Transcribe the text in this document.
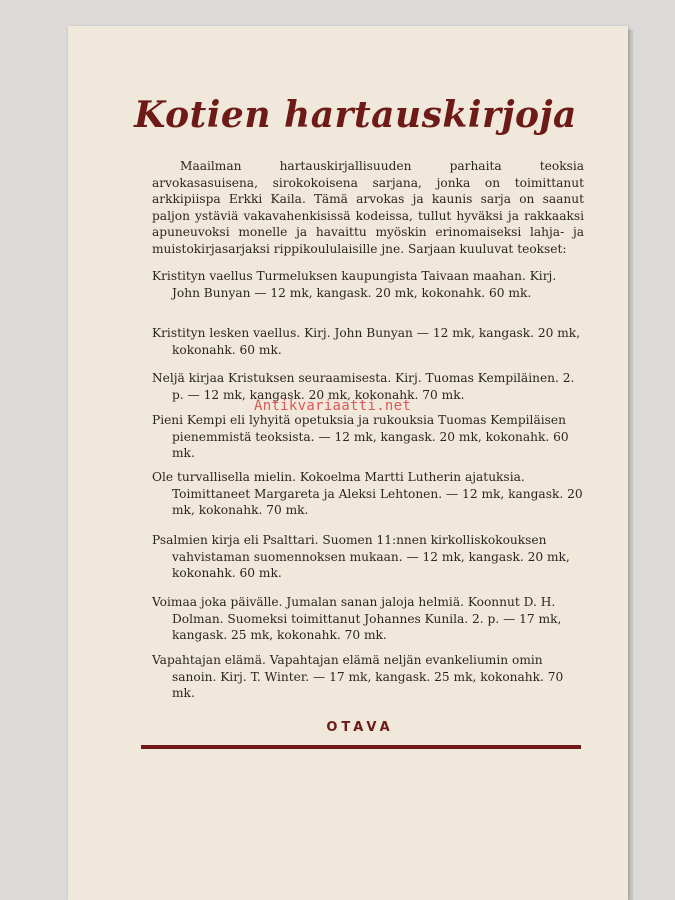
Kotien hartauskirjoja

Maailman hartauskirjallisuuden parhaita teoksia arvokasasuisena, sirokokoisena sarjana, jonka on toimittanut arkkipiispa Erkki Kaila. Tämä arvokas ja kaunis sarja on saanut paljon ystäviä vakavahenkisissä kodeissa, tullut hyväksi ja rakkaaksi apuneuvoksi monelle ja havaittu myöskin erinomaiseksi lahja- ja muistokirjasarjaksi rippikoululaisille jne. Sarjaan kuuluvat teokset:

Kristityn vaellus Turmeluksen kaupungista Taivaan maahan. Kirj. John Bunyan — 12 mk, kangask. 20 mk, kokonahk. 60 mk.
Kristityn lesken vaellus. Kirj. John Bunyan — 12 mk, kangask. 20 mk, kokonahk. 60 mk.
Neljä kirjaa Kristuksen seuraamisesta. Kirj. Tuomas Kempiläinen. 2. p. — 12 mk, kangask. 20 mk, kokonahk. 70 mk.
Pieni Kempi eli lyhyitä opetuksia ja rukouksia Tuomas Kempiläisen pienemmistä teoksista. — 12 mk, kangask. 20 mk, kokonahk. 60 mk.
Ole turvallisella mielin. Kokoelma Martti Lutherin ajatuksia. Toimittaneet Margareta ja Aleksi Lehtonen. — 12 mk, kangask. 20 mk, kokonahk. 70 mk.
Psalmien kirja eli Psalttari. Suomen 11:nnen kirkolliskokouksen vahvistaman suomennoksen mukaan. — 12 mk, kangask. 20 mk, kokonahk. 60 mk.
Voimaa joka päivälle. Jumalan sanan jaloja helmiä. Koonnut D. H. Dolman. Suomeksi toimittanut Johannes Kunila. 2. p. — 17 mk, kangask. 25 mk, kokonahk. 70 mk.
Vapahtajan elämä. Vapahtajan elämä neljän evankeliumin omin sanoin. Kirj. T. Winter. — 17 mk, kangask. 25 mk, kokonahk. 70 mk.
Antikvariaatti.net
OTAVA
